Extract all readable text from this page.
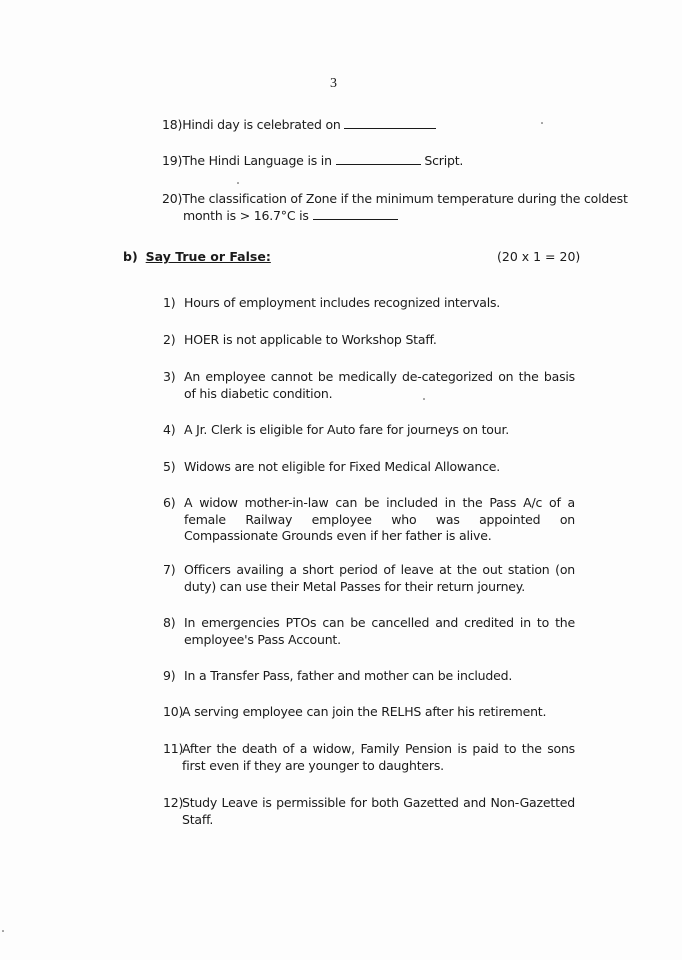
3
18)Hindi day is celebrated on
19)The Hindi Language is in	Script.
20)The classification of Zone if the minimum temperature during the coldest
month is > 16.7°C is
b) Say True or False:	(20 x 1 = 20)
1) Hours of employment includes recognized intervals.
2) HOER is not applicable to Workshop Staff.
3) An employee cannot be medically de-categorized on the basis of his diabetic condition.
4) A Jr. Clerk is eligible for Auto fare for journeys on tour.
5) Widows are not eligible for Fixed Medical Allowance.
6) A widow mother-in-law can be included in the Pass A/c of a female Railway employee who was appointed on Compassionate Grounds even if her father is alive.
7) Officers availing a short period of leave at the out station (on duty) can use their Metal Passes for their return journey.
8) In emergencies PTOs can be cancelled and credited in to the employee's Pass Account.
9) In a Transfer Pass, father and mother can be included.
10)
A serving employee can join the RELHS after his retirement.
11)
After the death of a widow, Family Pension is paid to the sons first even if they are younger to daughters.
12)
Study Leave is permissible for both Gazetted and Non-Gazetted Staff.
